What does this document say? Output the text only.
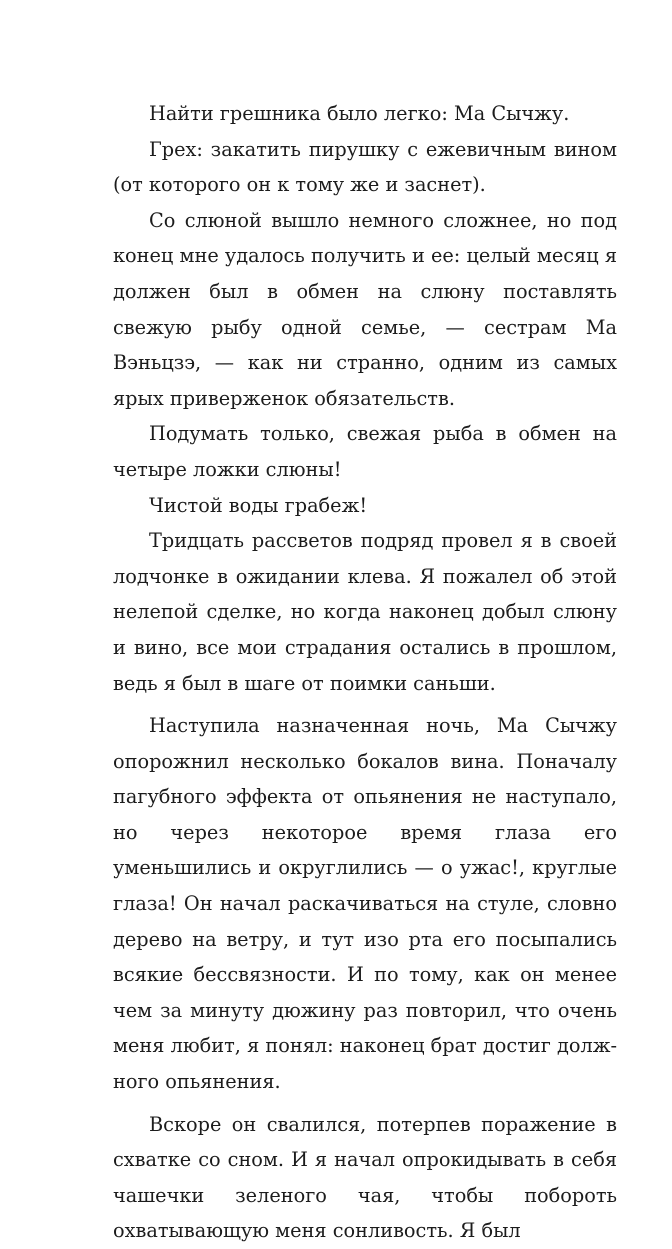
Найти грешника было легко: Ма Сычжу.

Грех: закатить пирушку с ежевичным вином (от которого он к тому же и заснет).

Со слюной вышло немного сложнее, но под конец мне удалось получить и ее: целый месяц я должен был в обмен на слюну поставлять свежую рыбу одной семье, — сестрам Ма Вэньцзэ, — как ни странно, одним из самых ярых приверженок обязательств.

Подумать только, свежая рыба в обмен на четыре ложки слюны!

Чистой воды грабеж!

Тридцать рассветов подряд провел я в своей лодчонке в ожидании клева. Я пожалел об этой нелепой сделке, но когда наконец добыл слюну и вино, все мои страдания остались в прошлом, ведь я был в шаге от поимки саньши.

Наступила назначенная ночь, Ма Сычжу опорожнил несколько бокалов вина. Поначалу пагубного эффекта от опьянения не наступало, но через некоторое время глаза его уменьшились и округлились — о ужас!, круглые глаза! Он начал раскачиваться на стуле, словно дерево на ветру, и тут изо рта его посыпались всякие бессвязности. И по тому, как он менее чем за минуту дюжину раз повторил, что очень меня любит, я понял: наконец брат достиг должного опьянения.

Вскоре он свалился, потерпев поражение в схватке со сном. И я начал опрокидывать в себя чашечки зеленого чая, чтобы побороть охватывающую меня сонливость. Я был
